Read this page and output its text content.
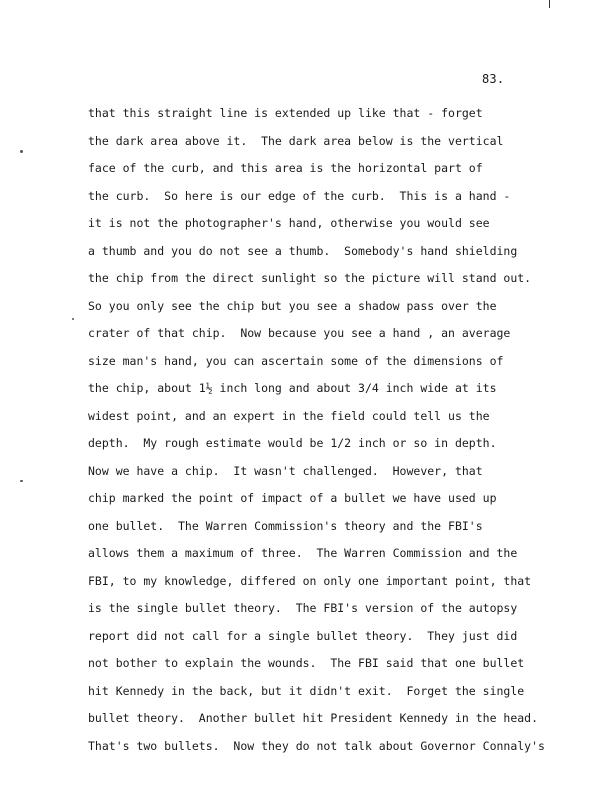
83.
that this straight line is extended up like that - forget
the dark area above it.  The dark area below is the vertical
face of the curb, and this area is the horizontal part of
the curb.  So here is our edge of the curb.  This is a hand -
it is not the photographer's hand, otherwise you would see
a thumb and you do not see a thumb.  Somebody's hand shielding
the chip from the direct sunlight so the picture will stand out.
So you only see the chip but you see a shadow pass over the
crater of that chip.  Now because you see a hand , an average
size man's hand, you can ascertain some of the dimensions of
the chip, about 1½ inch long and about 3/4 inch wide at its
widest point, and an expert in the field could tell us the
depth.  My rough estimate would be 1/2 inch or so in depth.
Now we have a chip.  It wasn't challenged.  However, that
chip marked the point of impact of a bullet we have used up
one bullet.  The Warren Commission's theory and the FBI's
allows them a maximum of three.  The Warren Commission and the
FBI, to my knowledge, differed on only one important point, that
is the single bullet theory.  The FBI's version of the autopsy
report did not call for a single bullet theory.  They just did
not bother to explain the wounds.  The FBI said that one bullet
hit Kennedy in the back, but it didn't exit.  Forget the single
bullet theory.  Another bullet hit President Kennedy in the head.
That's two bullets.  Now they do not talk about Governor Connaly's
